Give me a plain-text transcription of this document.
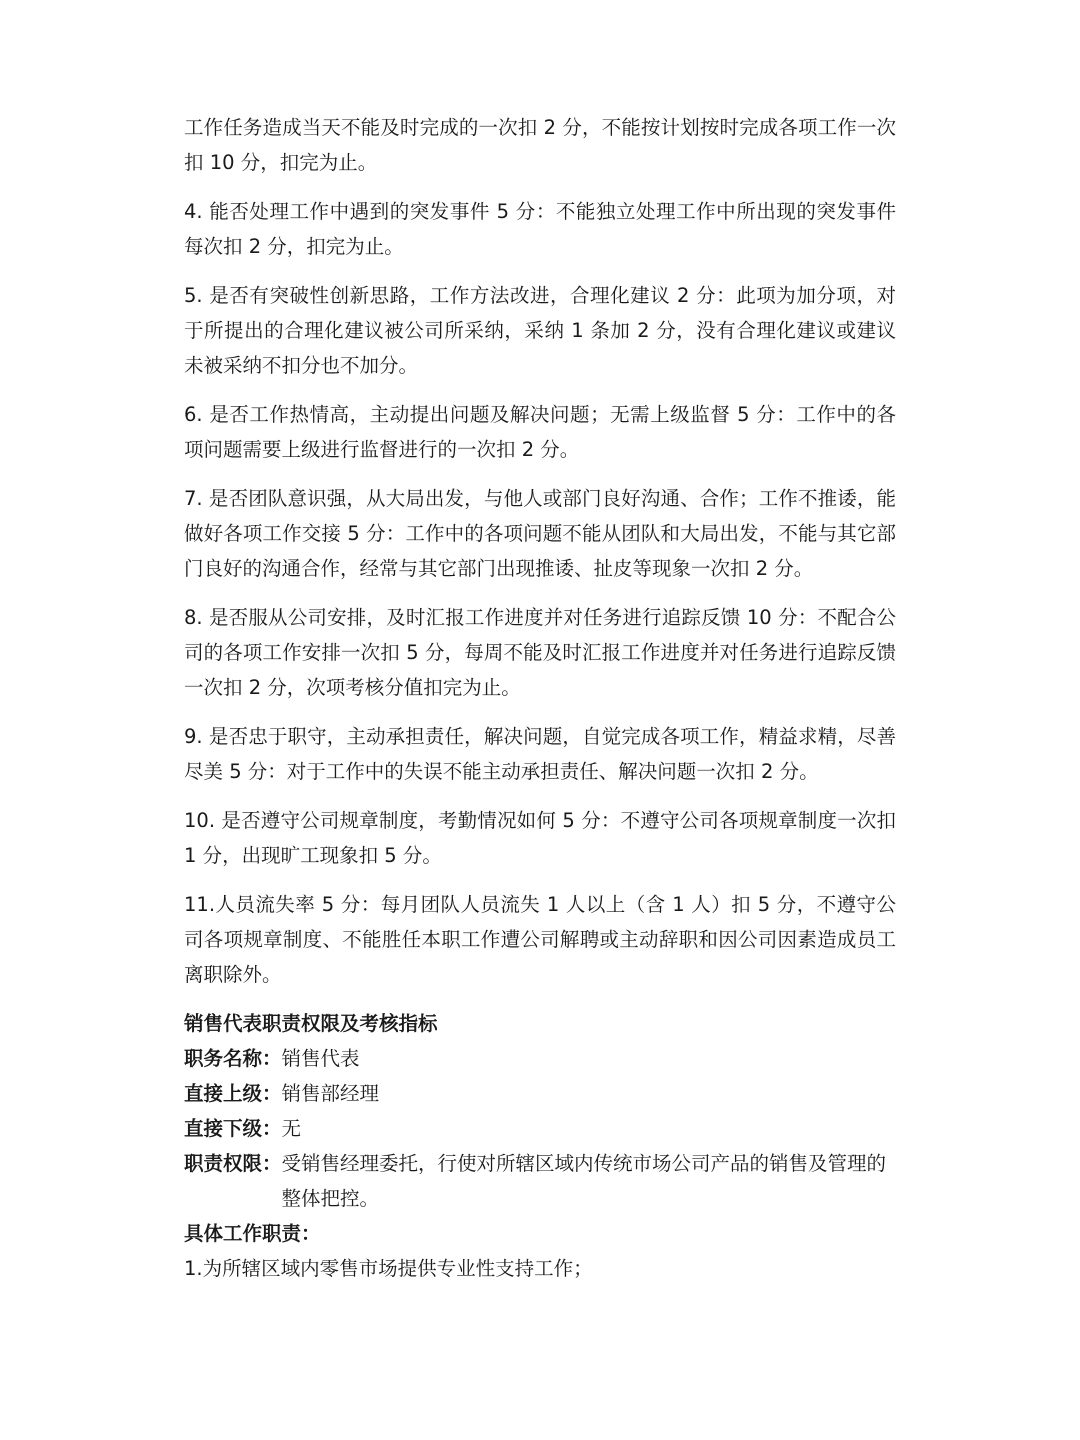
工作任务造成当天不能及时完成的一次扣 2 分，不能按计划按时完成各项工作一次扣 10 分，扣完为止。

4. 能否处理工作中遇到的突发事件 5 分：不能独立处理工作中所出现的突发事件每次扣 2 分，扣完为止。

5. 是否有突破性创新思路，工作方法改进，合理化建议 2 分：此项为加分项，对于所提出的合理化建议被公司所采纳，采纳 1 条加 2 分，没有合理化建议或建议未被采纳不扣分也不加分。

6. 是否工作热情高，主动提出问题及解决问题；无需上级监督 5 分：工作中的各项问题需要上级进行监督进行的一次扣 2 分。

7. 是否团队意识强，从大局出发，与他人或部门良好沟通、合作；工作不推诿，能做好各项工作交接 5 分：工作中的各项问题不能从团队和大局出发，不能与其它部门良好的沟通合作，经常与其它部门出现推诿、扯皮等现象一次扣 2 分。

8. 是否服从公司安排，及时汇报工作进度并对任务进行追踪反馈 10 分：不配合公司的各项工作安排一次扣 5 分，每周不能及时汇报工作进度并对任务进行追踪反馈一次扣 2 分，次项考核分值扣完为止。

9. 是否忠于职守，主动承担责任，解决问题，自觉完成各项工作，精益求精，尽善尽美 5 分：对于工作中的失误不能主动承担责任、解决问题一次扣 2 分。

10. 是否遵守公司规章制度，考勤情况如何 5 分：不遵守公司各项规章制度一次扣 1 分，出现旷工现象扣 5 分。

11.人员流失率 5 分：每月团队人员流失 1 人以上（含 1 人）扣 5 分，不遵守公司各项规章制度、不能胜任本职工作遭公司解聘或主动辞职和因公司因素造成员工离职除外。

销售代表职责权限及考核指标

职务名称： 销售代表
直接上级： 销售部经理
直接下级： 无
职责权限： 受销售经理委托，行使对所辖区域内传统市场公司产品的销售及管理的整体把控。

具体工作职责：

1.为所辖区域内零售市场提供专业性支持工作；
